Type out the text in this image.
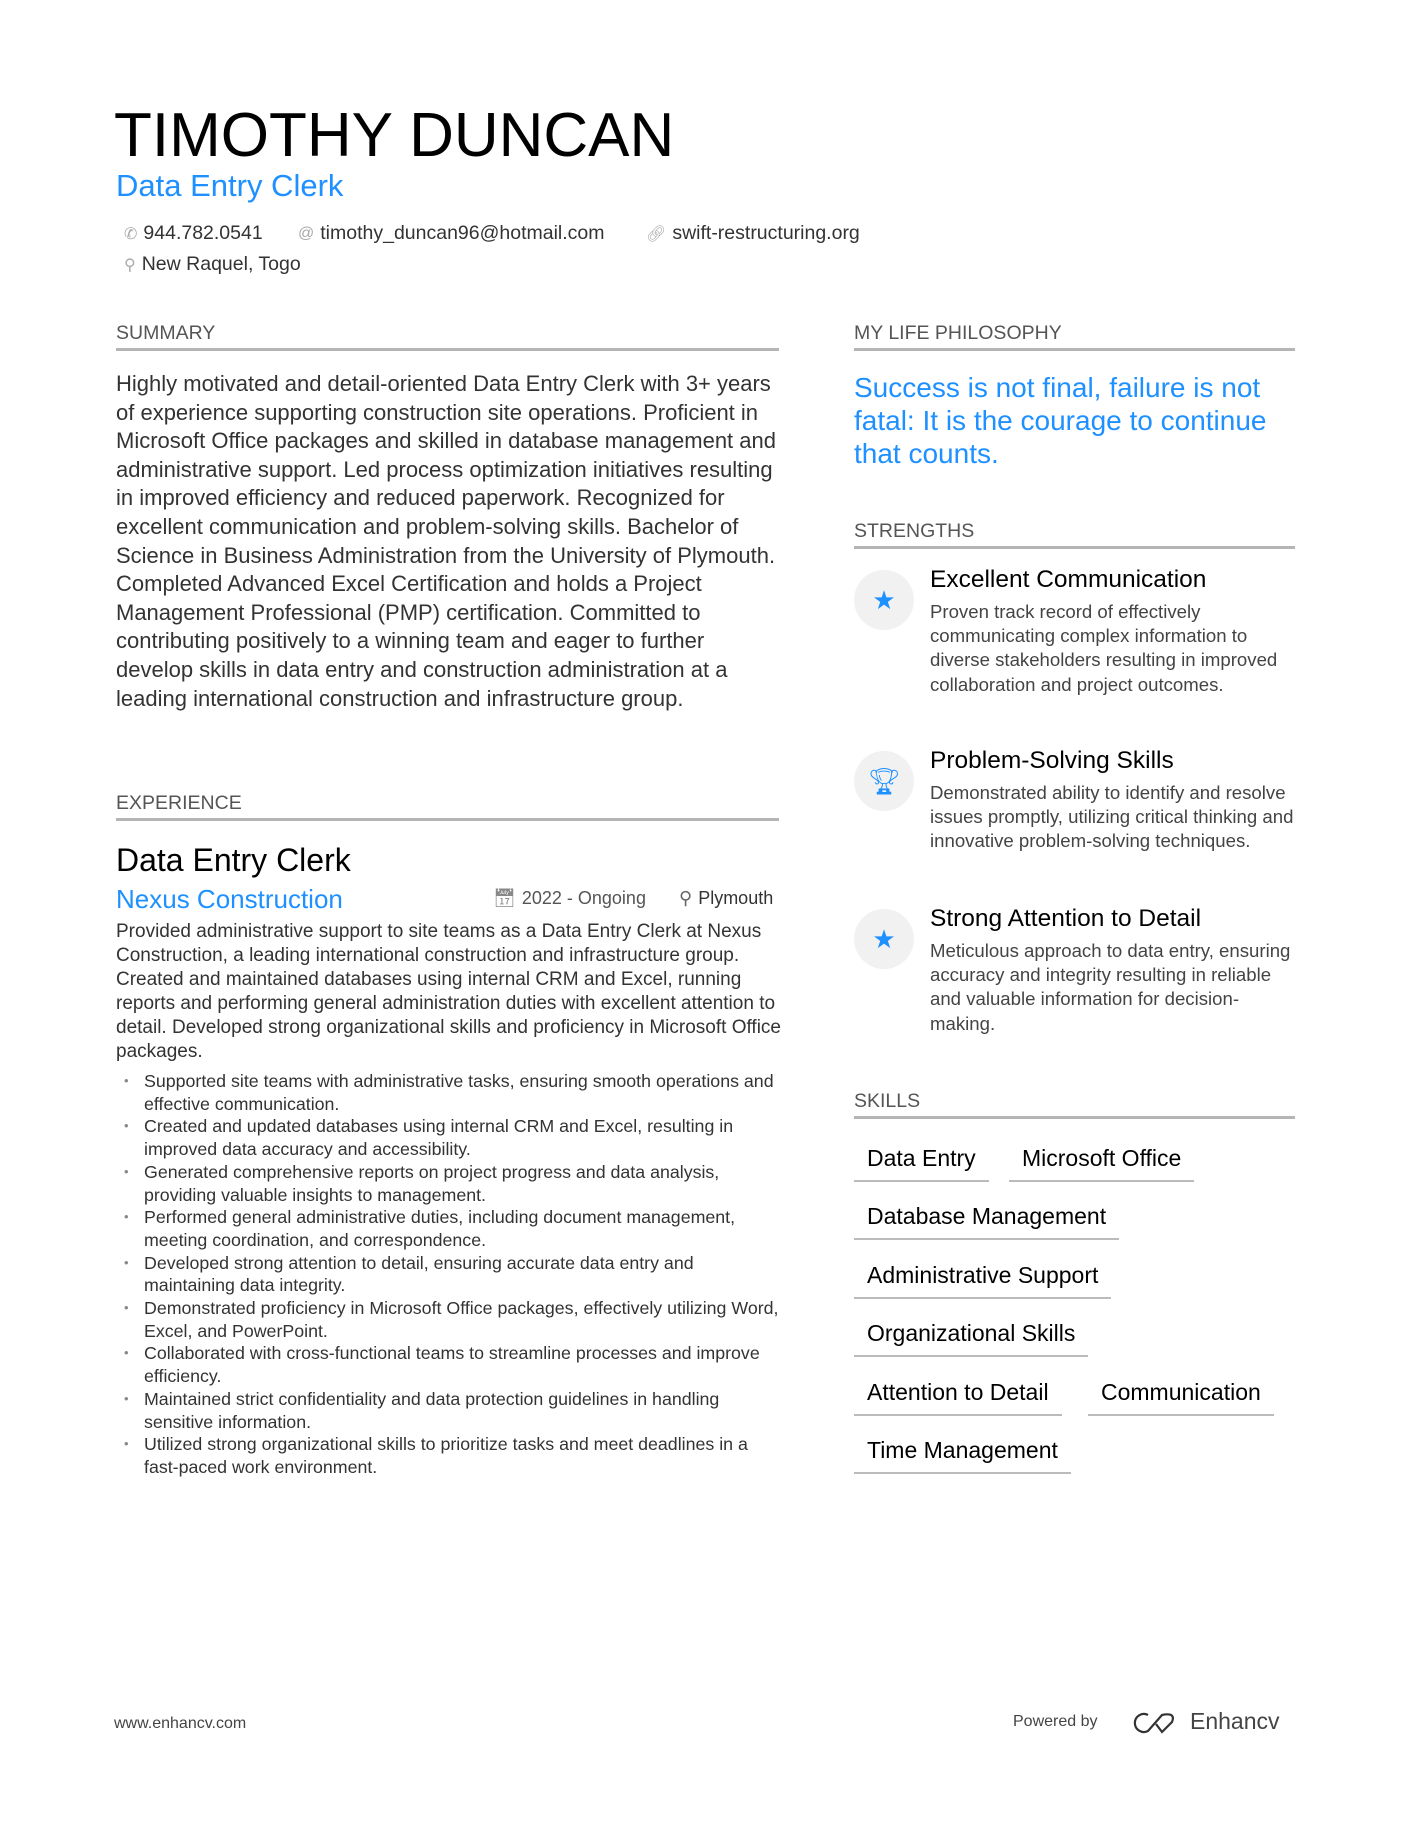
TIMOTHY DUNCAN
Data Entry Clerk
✆ 944.782.0541 @ timothy_duncan96@hotmail.com	🔗︎ swift-restructuring.org
⚲ New Raquel, Togo
SUMMARY
Highly motivated and detail-oriented Data Entry Clerk with 3+ years of experience supporting construction site operations. Proficient in Microsoft Office packages and skilled in database management and administrative support. Led process optimization initiatives resulting in improved efficiency and reduced paperwork. Recognized for excellent communication and problem-solving skills. Bachelor of Science in Business Administration from the University of Plymouth. Completed Advanced Excel Certification and holds a Project Management Professional (PMP) certification. Committed to contributing positively to a winning team and eager to further develop skills in data entry and construction administration at a leading international construction and infrastructure group.
EXPERIENCE
Data Entry Clerk
Nexus Construction	📅︎ 2022 - Ongoing ⚲ Plymouth
Provided administrative support to site teams as a Data Entry Clerk at Nexus Construction, a leading international construction and infrastructure group. Created and maintained databases using internal CRM and Excel, running reports and performing general administration duties with excellent attention to detail. Developed strong organizational skills and proficiency in Microsoft Office packages.
• Supported site teams with administrative tasks, ensuring smooth operations and effective communication.
• Created and updated databases using internal CRM and Excel, resulting in improved data accuracy and accessibility.
• Generated comprehensive reports on project progress and data analysis, providing valuable insights to management.
• Performed general administrative duties, including document management, meeting coordination, and correspondence.
• Developed strong attention to detail, ensuring accurate data entry and maintaining data integrity.
• Demonstrated proficiency in Microsoft Office packages, effectively utilizing Word, Excel, and PowerPoint.
• Collaborated with cross-functional teams to streamline processes and improve efficiency.
• Maintained strict confidentiality and data protection guidelines in handling sensitive information.
• Utilized strong organizational skills to prioritize tasks and meet deadlines in a fast-paced work environment.
MY LIFE PHILOSOPHY
Success is not final, failure is not fatal: It is the courage to continue that counts.
STRENGTHS
★
Excellent Communication

Proven track record of effectively communicating complex information to diverse stakeholders resulting in improved collaboration and project outcomes.

🏆︎
Problem-Solving Skills

Demonstrated ability to identify and resolve issues promptly, utilizing critical thinking and innovative problem-solving techniques.

★
Strong Attention to Detail

Meticulous approach to data entry, ensuring accuracy and integrity resulting in reliable and valuable information for decision-making.

SKILLS
Data Entry	Microsoft Office
Database Management
Administrative Support
Organizational Skills
Attention to Detail	Communication
Time Management
www.enhancv.com	Powered by	Enhancv
